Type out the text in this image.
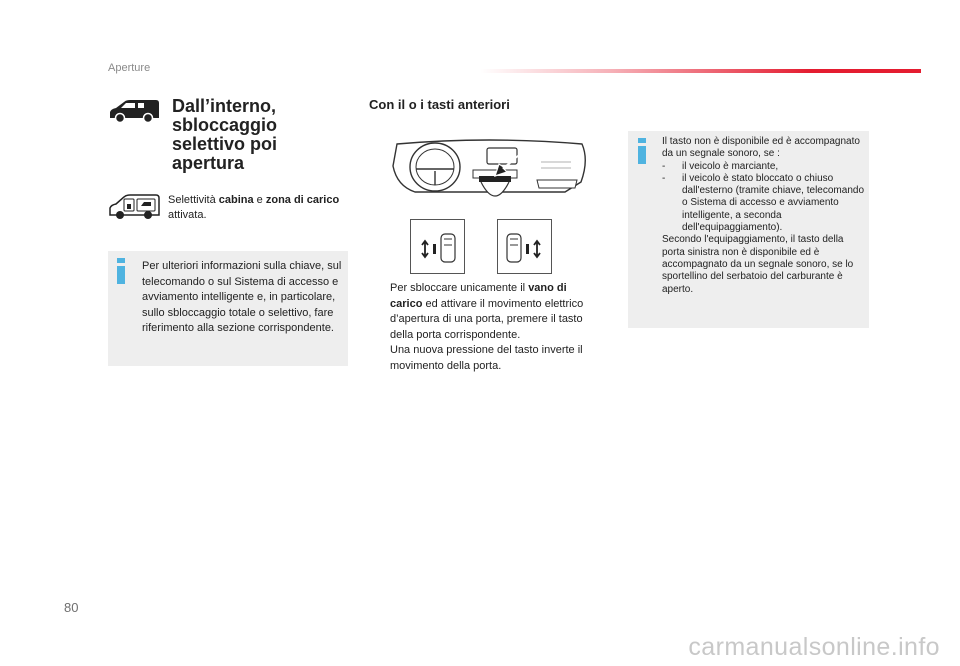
Aperture
Dall’interno, sbloccaggio selettivo poi apertura
Selettività cabina e zona di carico attivata.
Per ulteriori informazioni sulla chiave, sul telecomando o sul Sistema di accesso e avviamento intelligente e, in particolare, sullo sbloccaggio totale o selettivo, fare riferimento alla sezione corrispondente.
Con il o i tasti anteriori
Per sbloccare unicamente il vano di carico ed attivare il movimento elettrico d’apertura di una porta, premere il tasto della porta corrispondente.
Una nuova pressione del tasto inverte il movimento della porta.
Il tasto non è disponibile ed è accompagnato da un segnale sonoro, se :
-	il veicolo è marciante,
-	il veicolo è stato bloccato o chiuso dall'esterno (tramite chiave, telecomando o Sistema di accesso e avviamento intelligente, a seconda dell'equipaggiamento).
Secondo l'equipaggiamento, il tasto della porta sinistra non è disponibile ed è accompagnato da un segnale sonoro, se lo sportellino del serbatoio del carburante è aperto.
80
carmanualsonline.info
